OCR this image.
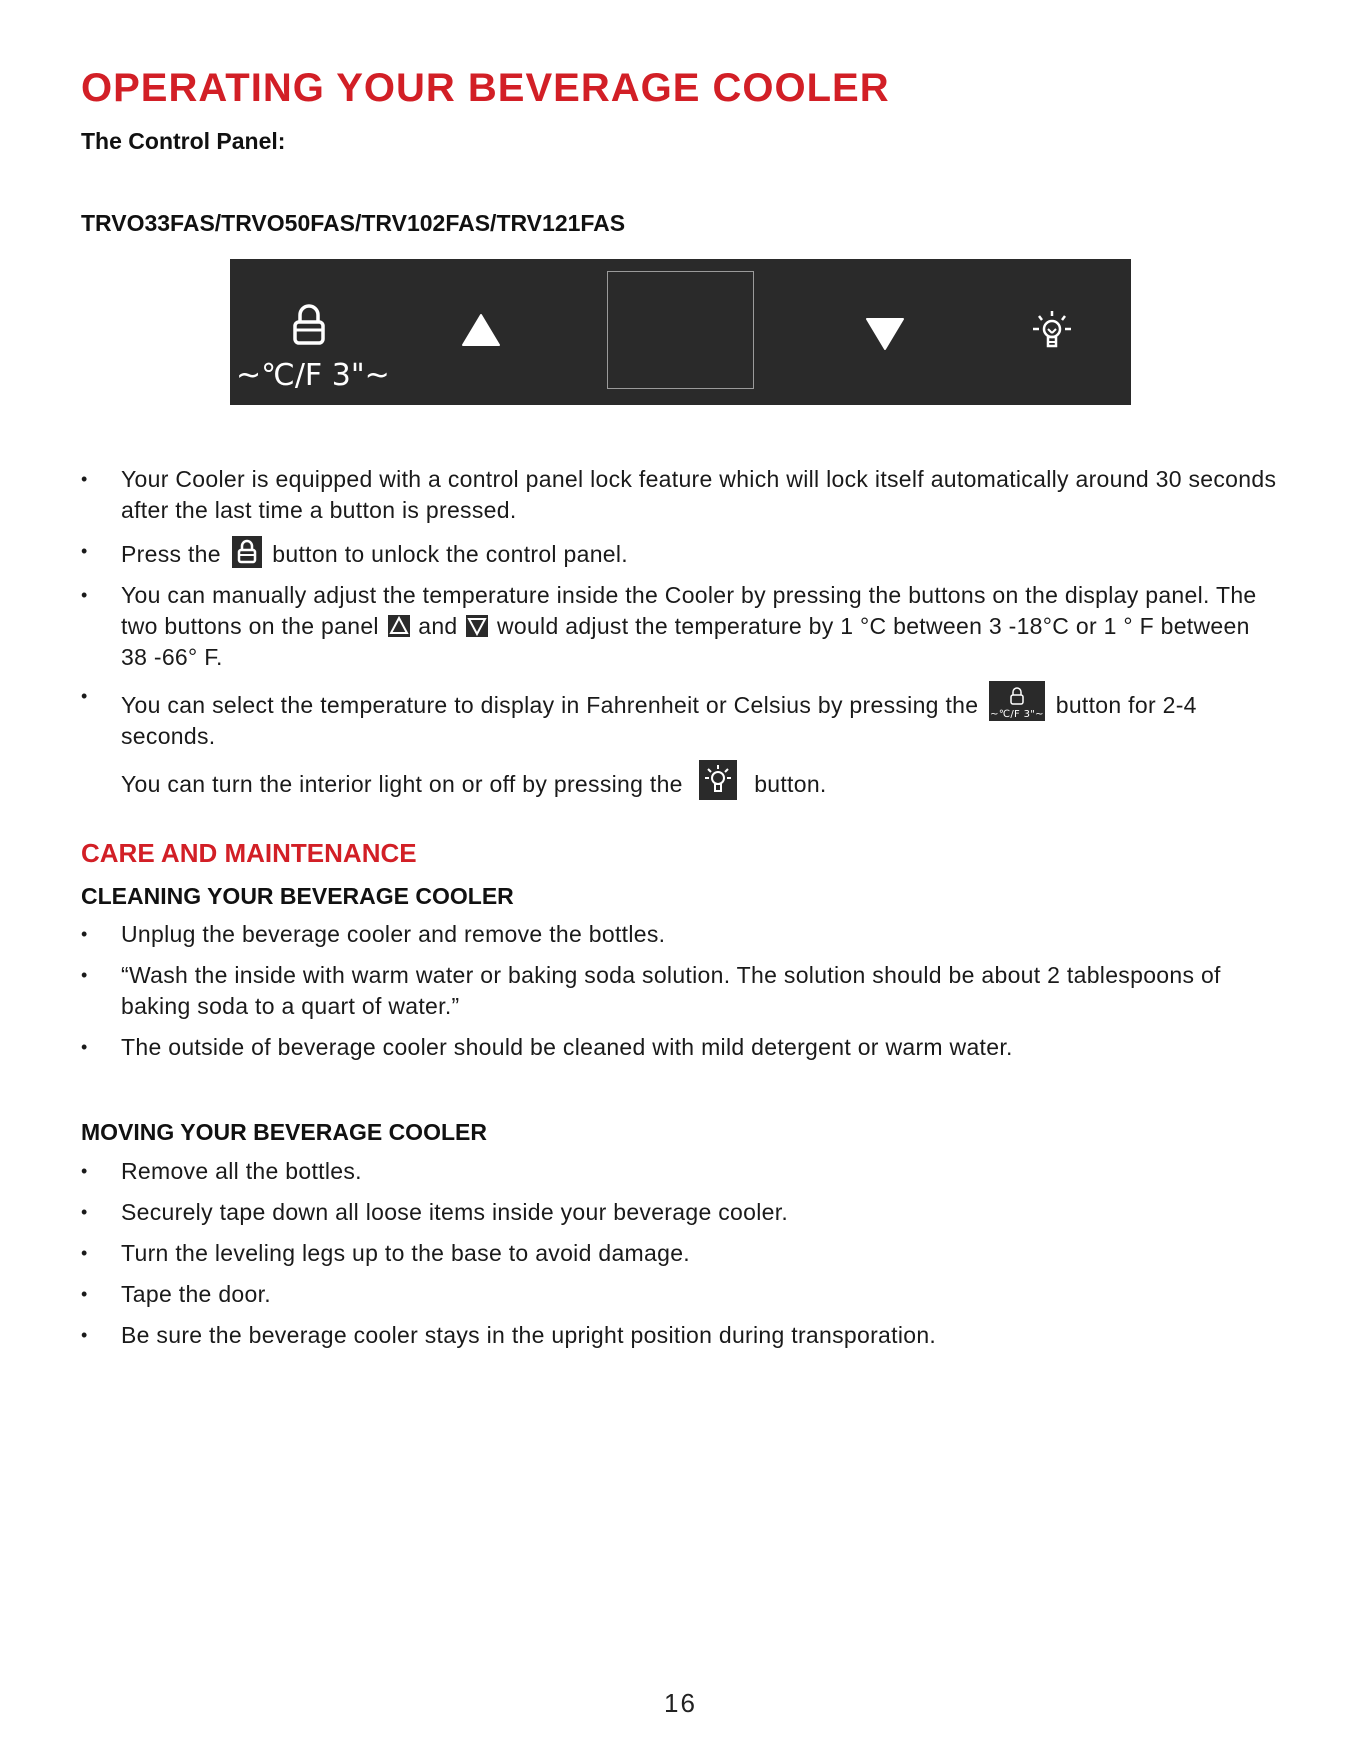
OPERATING YOUR BEVERAGE COOLER
The Control Panel:
TRVO33FAS/TRVO50FAS/TRV102FAS/TRV121FAS
~℃/F 3"~
• Your Cooler is equipped with a control panel lock feature which will lock itself automatically around 30 seconds after the last time a button is pressed.
• Press the button to unlock the control panel.
• You can manually adjust the temperature inside the Cooler by pressing the buttons on the display panel. The two buttons on the panel and would adjust the temperature by 1 °C between 3 -18°C or 1 ° F between 38 -66° F.
• You can select the temperature to display in Fahrenheit or Celsius by pressing the ~℃/F 3"~ button for 2-4 seconds.
You can turn the interior light on or off by pressing the	button.
CARE AND MAINTENANCE
CLEANING YOUR BEVERAGE COOLER
• Unplug the beverage cooler and remove the bottles.
• “Wash the inside with warm water or baking soda solution. The solution should be about 2 tablespoons of baking soda to a quart of water.”
• The outside of beverage cooler should be cleaned with mild detergent or warm water.
MOVING YOUR BEVERAGE COOLER
• Remove all the bottles.
• Securely tape down all loose items inside your beverage cooler.
• Turn the leveling legs up to the base to avoid damage.
• Tape the door.
• Be sure the beverage cooler stays in the upright position during transporation.
16
